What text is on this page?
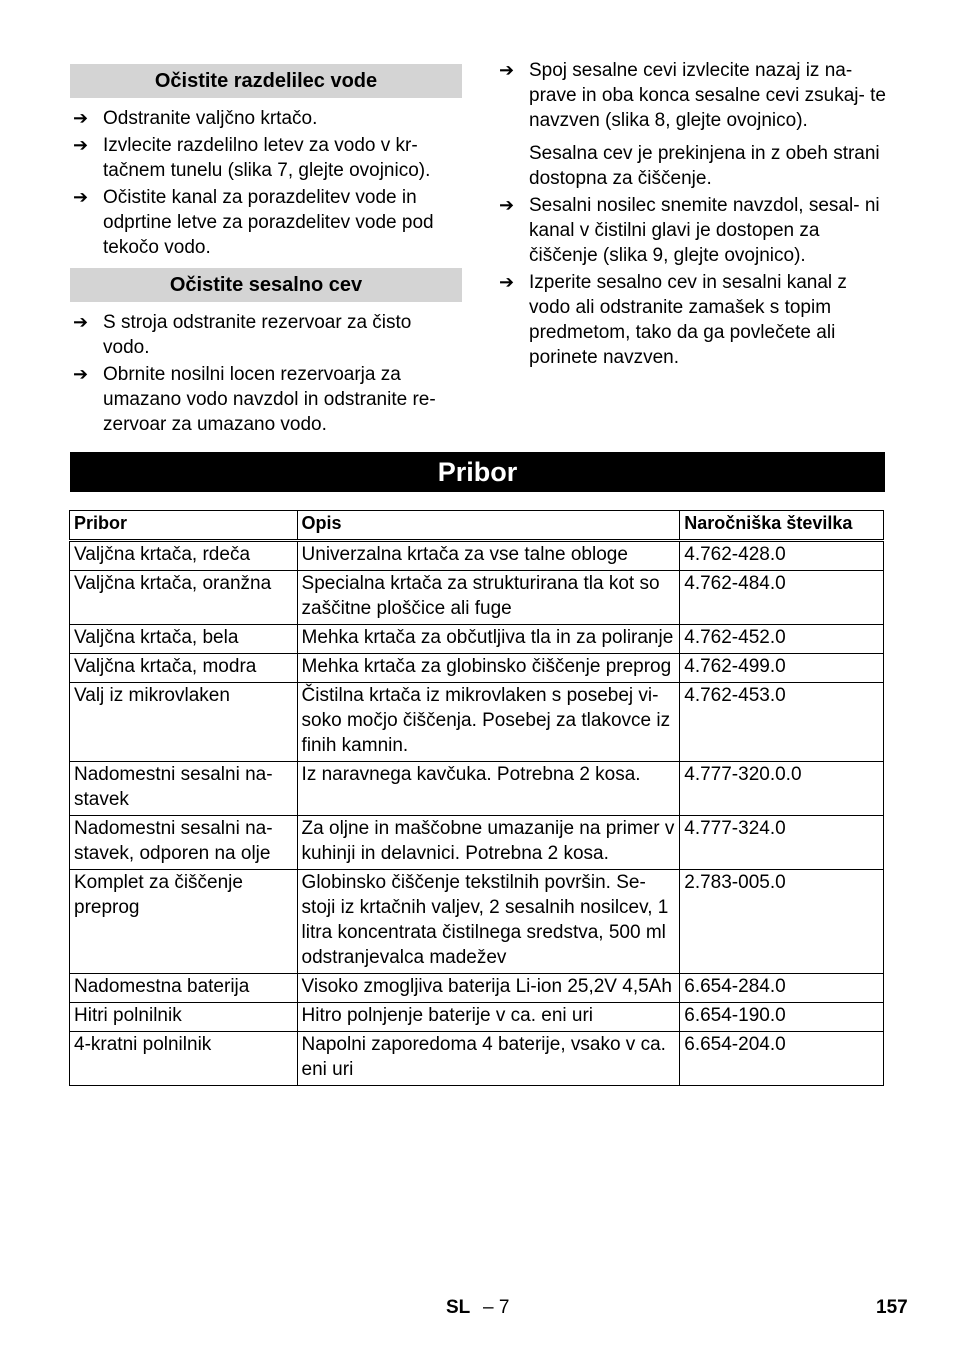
Očistite razdelilec vode
➔ Odstranite valjčno krtačo.
➔ Izvlecite razdelilno letev za vodo v kr- tačnem tunelu (slika 7, glejte ovojnico).
➔ Očistite kanal za porazdelitev vode in odprtine letve za porazdelitev vode pod tekočo vodo.
Očistite sesalno cev
➔ S stroja odstranite rezervoar za čisto vodo.
➔ Obrnite nosilni locen rezervoarja za umazano vodo navzdol in odstranite re- zervoar za umazano vodo.
➔ Spoj sesalne cevi izvlecite nazaj iz na- prave in oba konca sesalne cevi zsukaj- te navzven (slika 8, glejte ovojnico).

Sesalna cev je prekinjena in z obeh strani dostopna za čiščenje.

➔ Sesalni nosilec snemite navzdol, sesal- ni kanal v čistilni glavi je dostopen za čiščenje (slika 9, glejte ovojnico).
➔ Izperite sesalno cev in sesalni kanal z vodo ali odstranite zamašek s topim predmetom, tako da ga povlečete ali porinete navzven.
Pribor
Pribor	Opis	Naročniška številka
Valjčna krtača, rdeča	Univerzalna krtača za vse talne obloge	4.762-428.0
Valjčna krtača, oranžna	Specialna krtača za strukturirana tla kot so zaščitne ploščice ali fuge	4.762-484.0
Valjčna krtača, bela	Mehka krtača za občutljiva tla in za poliranje	4.762-452.0
Valjčna krtača, modra	Mehka krtača za globinsko čiščenje preprog	4.762-499.0
Valj iz mikrovlaken	Čistilna krtača iz mikrovlaken s posebej vi- soko močjo čiščenja. Posebej za tlakovce iz finih kamnin.	4.762-453.0
Nadomestni sesalni na- stavek	Iz naravnega kavčuka. Potrebna 2 kosa.	4.777-320.0.0
Nadomestni sesalni na- stavek, odporen na olje	Za oljne in maščobne umazanije na primer v kuhinji in delavnici. Potrebna 2 kosa.	4.777-324.0
Komplet za čiščenje preprog	Globinsko čiščenje tekstilnih površin. Se- stoji iz krtačnih valjev, 2 sesalnih nosilcev, 1 litra koncentrata čistilnega sredstva, 500 ml odstranjevalca madežev	2.783-005.0
Nadomestna baterija	Visoko zmogljiva baterija Li-ion 25,2V 4,5Ah	6.654-284.0
Hitri polnilnik	Hitro polnjenje baterije v ca. eni uri	6.654-190.0
4-kratni polnilnik	Napolni zaporedoma 4 baterije, vsako v ca. eni uri	6.654-204.0
SL – 7	157
